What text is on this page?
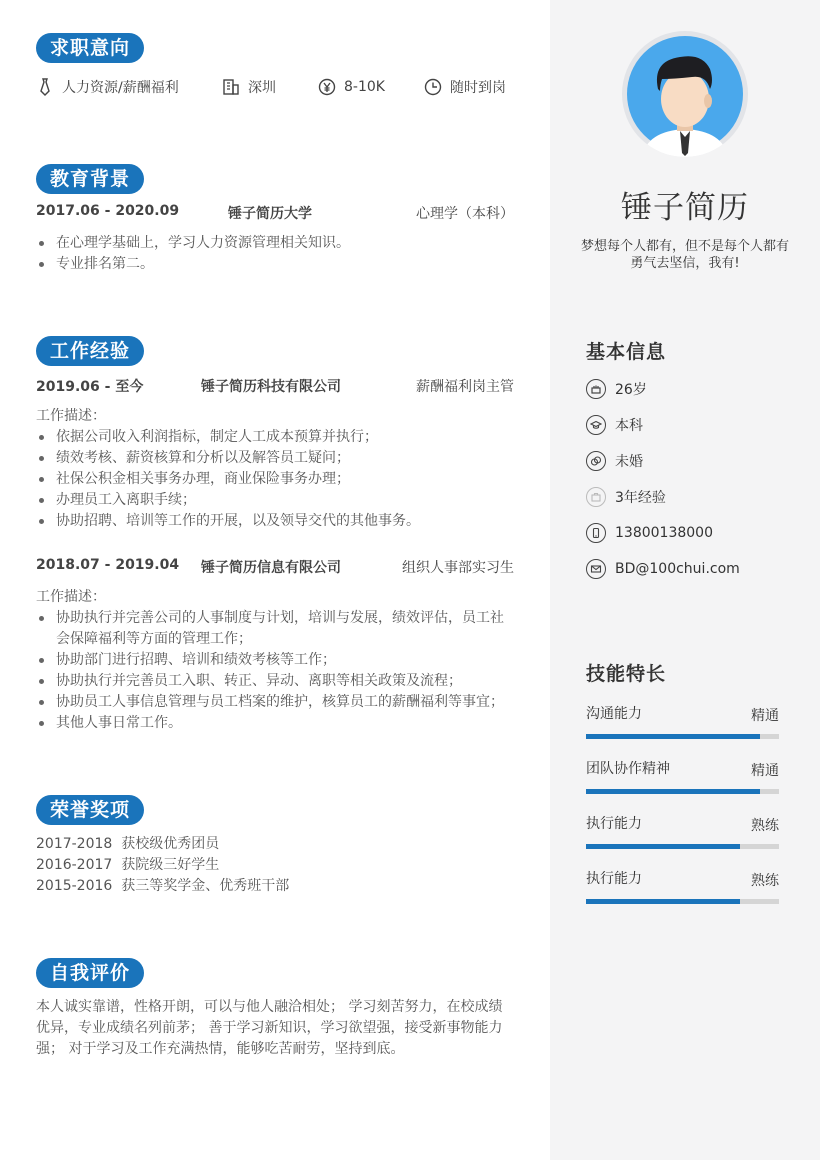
求职意向
人力资源/薪酬福利	深圳	8-10K	随时到岗
教育背景
2017.06 - 2020.09	锤子简历大学	心理学（本科）
在心理学基础上，学习人力资源管理相关知识。
专业排名第二。
工作经验
2019.06 - 至今	锤子简历科技有限公司	薪酬福利岗主管
工作描述：
依据公司收入利润指标，制定人工成本预算并执行；
绩效考核、薪资核算和分析以及解答员工疑问；
社保公积金相关事务办理，商业保险事务办理；
办理员工入离职手续；
协助招聘、培训等工作的开展，以及领导交代的其他事务。
2018.07 - 2019.04 锤子简历信息有限公司	组织人事部实习生
工作描述：
协助执行并完善公司的人事制度与计划，培训与发展，绩效评估，员工社会保障福利等方面的管理工作；
协助部门进行招聘、培训和绩效考核等工作；
协助执行并完善员工入职、转正、异动、离职等相关政策及流程；
协助员工人事信息管理与员工档案的维护，核算员工的薪酬福利等事宜；
其他人事日常工作。
荣誉奖项
2017-2018  获校级优秀团员
2016-2017  获院级三好学生
2015-2016  获三等奖学金、优秀班干部
自我评价
本人诚实靠谱，性格开朗，可以与他人融洽相处； 学习刻苦努力，在校成绩优异，专业成绩名列前茅； 善于学习新知识，学习欲望强，接受新事物能力强； 对于学习及工作充满热情，能够吃苦耐劳，坚持到底。
锤子简历
梦想每个人都有，但不是每个人都有勇气去坚信，我有!
基本信息
26岁
本科
未婚
3年经验
13800138000
BD@100chui.com
技能特长
沟通能力	精通
团队协作精神	精通
执行能力	熟练
执行能力	熟练
